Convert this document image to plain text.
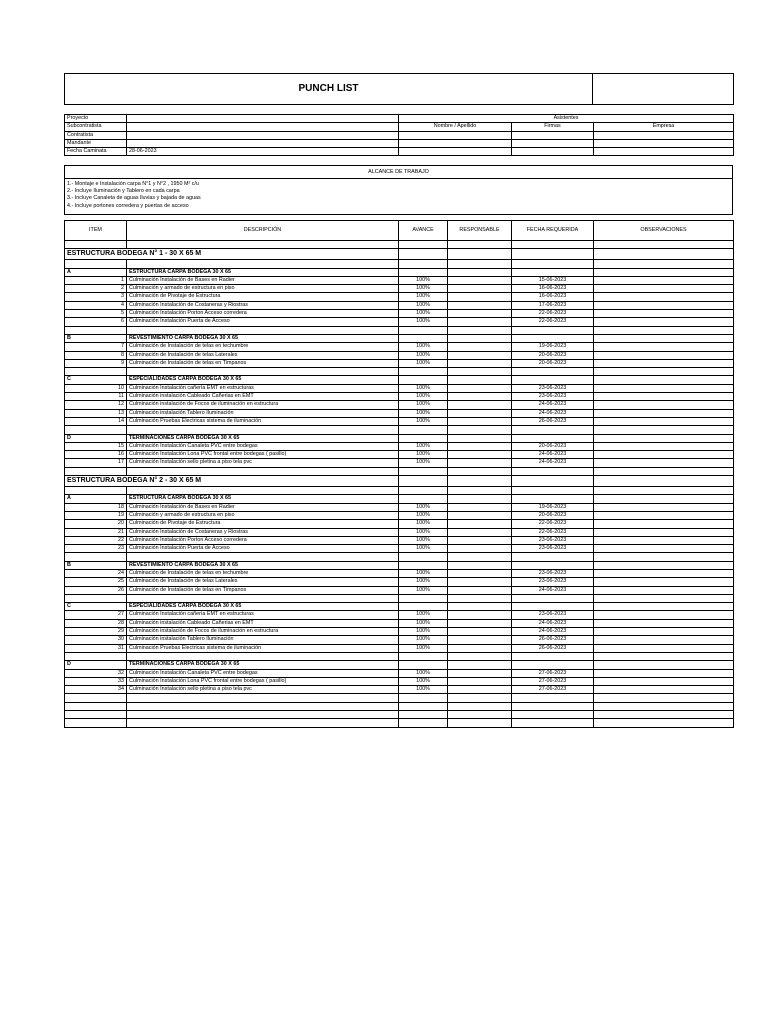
PUNCH LIST	
Proyecto		Asistentes		
Subcontratista		Nombre / Apellido	Firmas	Empresa
Contratista				
Mandante				
Fecha Caminata	28-06-2023			
ALCANCE DE TRABAJO

1.- Montaje e Instalación carpa N°1 y N°2 , 1950 M² c/u
2.- Incluye Iluminación y Tablero en cada carpa
3.- Incluye Canaleta de aguas lluvias y bajada de aguas
4.- Incluye portones corredera y puertas de acceso
ITEM	DESCRIPCIÓN	AVANCE	RESPONSABLE	FECHA REQUERIDA	OBSERVACIONES

ESTRUCTURA BODEGA N° 1 - 30 X 65 M					

A	ESTRUCTURA CARPA BODEGA 30 X 65				
1	Culminación Instalación de Bases en Radier	100%		15-06-2023	
2	Culminación y armado de estructura en piso	100%		16-06-2023	
3	Culminación de Pivotaje de Estructura	100%		16-06-2023	
4	Culminación Instalación de Costaneras y Riostras	100%		17-06-2023	
5	Culminación Instalación Porton Acceso corredera	100%		22-06-2023	
6	Culminación Instalación Puerta de Acceso	100%		22-06-2023	

B	REVESTIMIENTO CARPA BODEGA 30 X 65				
7	Culminación de Instalación de telas en techumbre	100%		19-06-2023	
8	Culminación de Instalación de telas Laterales	100%		20-06-2023	
9	Culminación de Instalación de telas en Timpanos	100%		20-06-2023	

C	ESPECIALIDADES CARPA BODEGA 30 X 65				
10	Culminación Instalación cañería EMT en estructuras	100%		23-06-2023	
11	Culminación instalación Cableado Cañerias en EMT	100%		23-06-2023	
12	Culminación instalación de Focos de iluminación en estructura	100%		24-06-2023	
13	Culminación instalación Tablero Iluminación	100%		24-06-2023	
14	Culminación Pruebas Electricas sistema de iluminación	100%		26-06-2023	

D	TERMINACIONES CARPA BODEGA 30 X 65				
15	Culminación Instalación Canaleta PVC entre bodegas	100%		20-06-2023	
16	Culminación Instalación Lona PVC frontal entre bodegas ( pasillo)	100%		24-06-2023	
17	Culminación Instalación sello pletina a piso tela pvc	100%		24-06-2023	

ESTRUCTURA BODEGA N° 2 - 30 X 65 M					

A	ESTRUCTURA CARPA BODEGA 30 X 65				
18	Culminación Instalación de Bases en Radier	100%		19-06-2023	
19	Culminación y armado de estructura en piso	100%		20-06-2023	
20	Culminación de Pivotaje de Estructura	100%		22-06-2023	
21	Culminación Instalación de Costaneras y Riostras	100%		22-06-2023	
22	Culminación Instalación Porton Acceso corredera	100%		23-06-2023	
23	Culminación Instalación Puerta de Acceso	100%		23-06-2023	

B	REVESTIMIENTO CARPA BODEGA 30 X 65				
24	Culminación de Instalación de telas en techumbre	100%		23-06-2023	
25	Culminación de Instalación de telas Laterales	100%		23-06-2023	
26	Culminación de Instalación de telas en Timpanos	100%		24-06-2023	

C	ESPECIALIDADES CARPA BODEGA 30 X 65				
27	Culminación Instalación cañería EMT en estructuras	100%		23-06-2023	
28	Culminación instalación Cableado Cañerias en EMT	100%		24-06-2023	
29	Culminación instalación de Focos de iluminación en estructura	100%		24-06-2023	
30	Culminación instalación Tablero Iluminación	100%		26-06-2023	
31	Culminación Pruebas Electricas sistema de iluminación	100%		26-06-2023	

D	TERMINACIONES CARPA BODEGA 30 X 65				
32	Culminación Instalación Canaleta PVC entre bodegas	100%		27-06-2023	
33	Culminación Instalación Lona PVC frontal entre bodegas ( pasillo)	100%		27-06-2023	
34	Culminación Instalación sello pletina a piso tela pvc	100%		27-06-2023	
